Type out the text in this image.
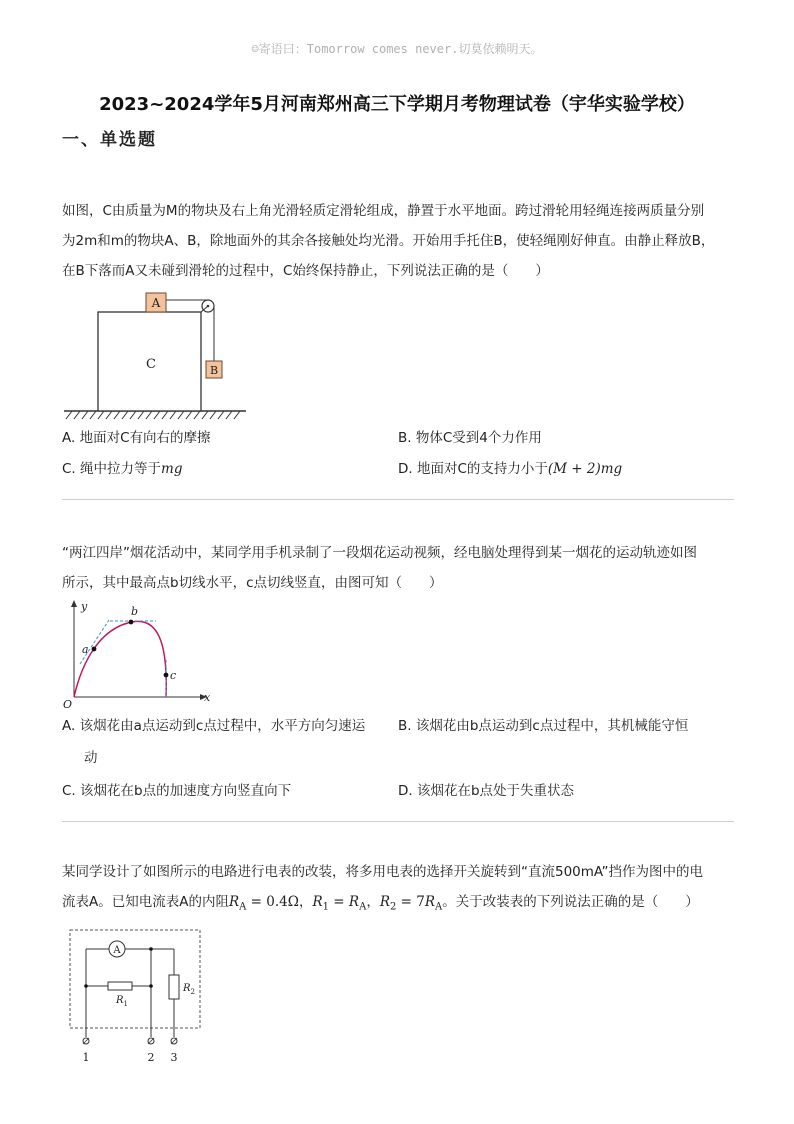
☺寄语曰：Tomorrow comes never.切莫依赖明天。
2023~2024学年5月河南郑州高三下学期月考物理试卷（宇华实验学校）
一、单选题
如图，C由质量为M的物块及右上角光滑轻质定滑轮组成，静置于水平地面。跨过滑轮用轻绳连接两质量分别
为2m和m的物块A、B，除地面外的其余各接触处均光滑。开始用手托住B，使轻绳刚好伸直。由静止释放B，
在B下落而A又未碰到滑轮的过程中，C始终保持静止，下列说法正确的是（　　）
C
A
B
A. 地面对C有向右的摩擦	B. 物体C受到4个力作用
C. 绳中拉力等于mg	D. 地面对C的支持力小于(M + 2)mg
“两江四岸”烟花活动中，某同学用手机录制了一段烟花运动视频，经电脑处理得到某一烟花的运动轨迹如图
所示，其中最高点b切线水平，c点切线竖直，由图可知（　　）
y
x
O
a
b
c
A. 该烟花由a点运动到c点过程中，水平方向匀速运
动
B. 该烟花由b点运动到c点过程中，其机械能守恒
C. 该烟花在b点的加速度方向竖直向下	D. 该烟花在b点处于失重状态
某同学设计了如图所示的电路进行电表的改装，将多用电表的选择开关旋转到“直流500mA”挡作为图中的电
流表A。已知电流表A的内阻$R_A = 0.4\Omega$，$R_1 = R_A$，$R_2 = 7R_A$。关于改装表的下列说法正确的是（　　）
A
$R_2$
$R_1$
1	2 3
